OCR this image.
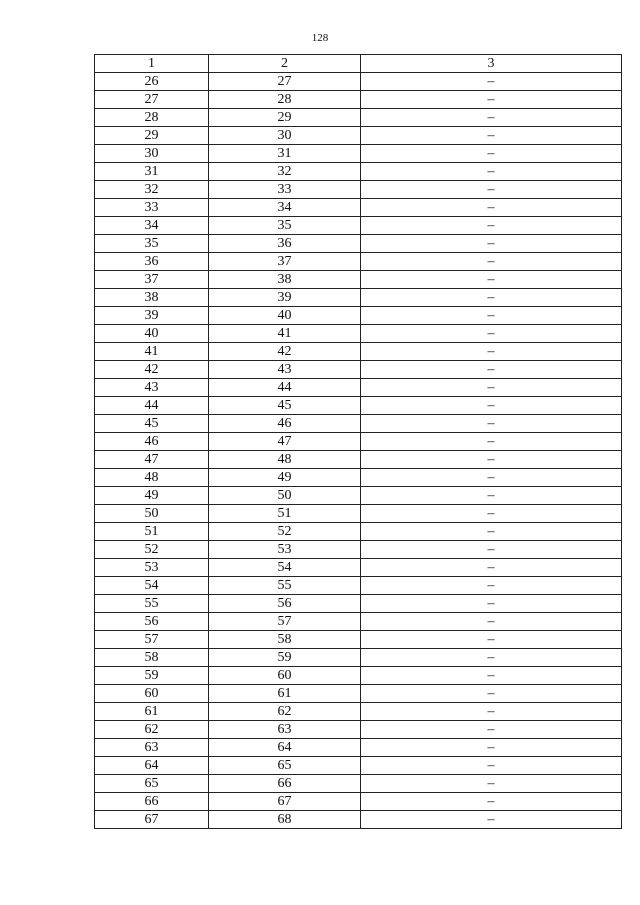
128
1	2	3
26	27	–
27	28	–
28	29	–
29	30	–
30	31	–
31	32	–
32	33	–
33	34	–
34	35	–
35	36	–
36	37	–
37	38	–
38	39	–
39	40	–
40	41	–
41	42	–
42	43	–
43	44	–
44	45	–
45	46	–
46	47	–
47	48	–
48	49	–
49	50	–
50	51	–
51	52	–
52	53	–
53	54	–
54	55	–
55	56	–
56	57	–
57	58	–
58	59	–
59	60	–
60	61	–
61	62	–
62	63	–
63	64	–
64	65	–
65	66	–
66	67	–
67	68	–
